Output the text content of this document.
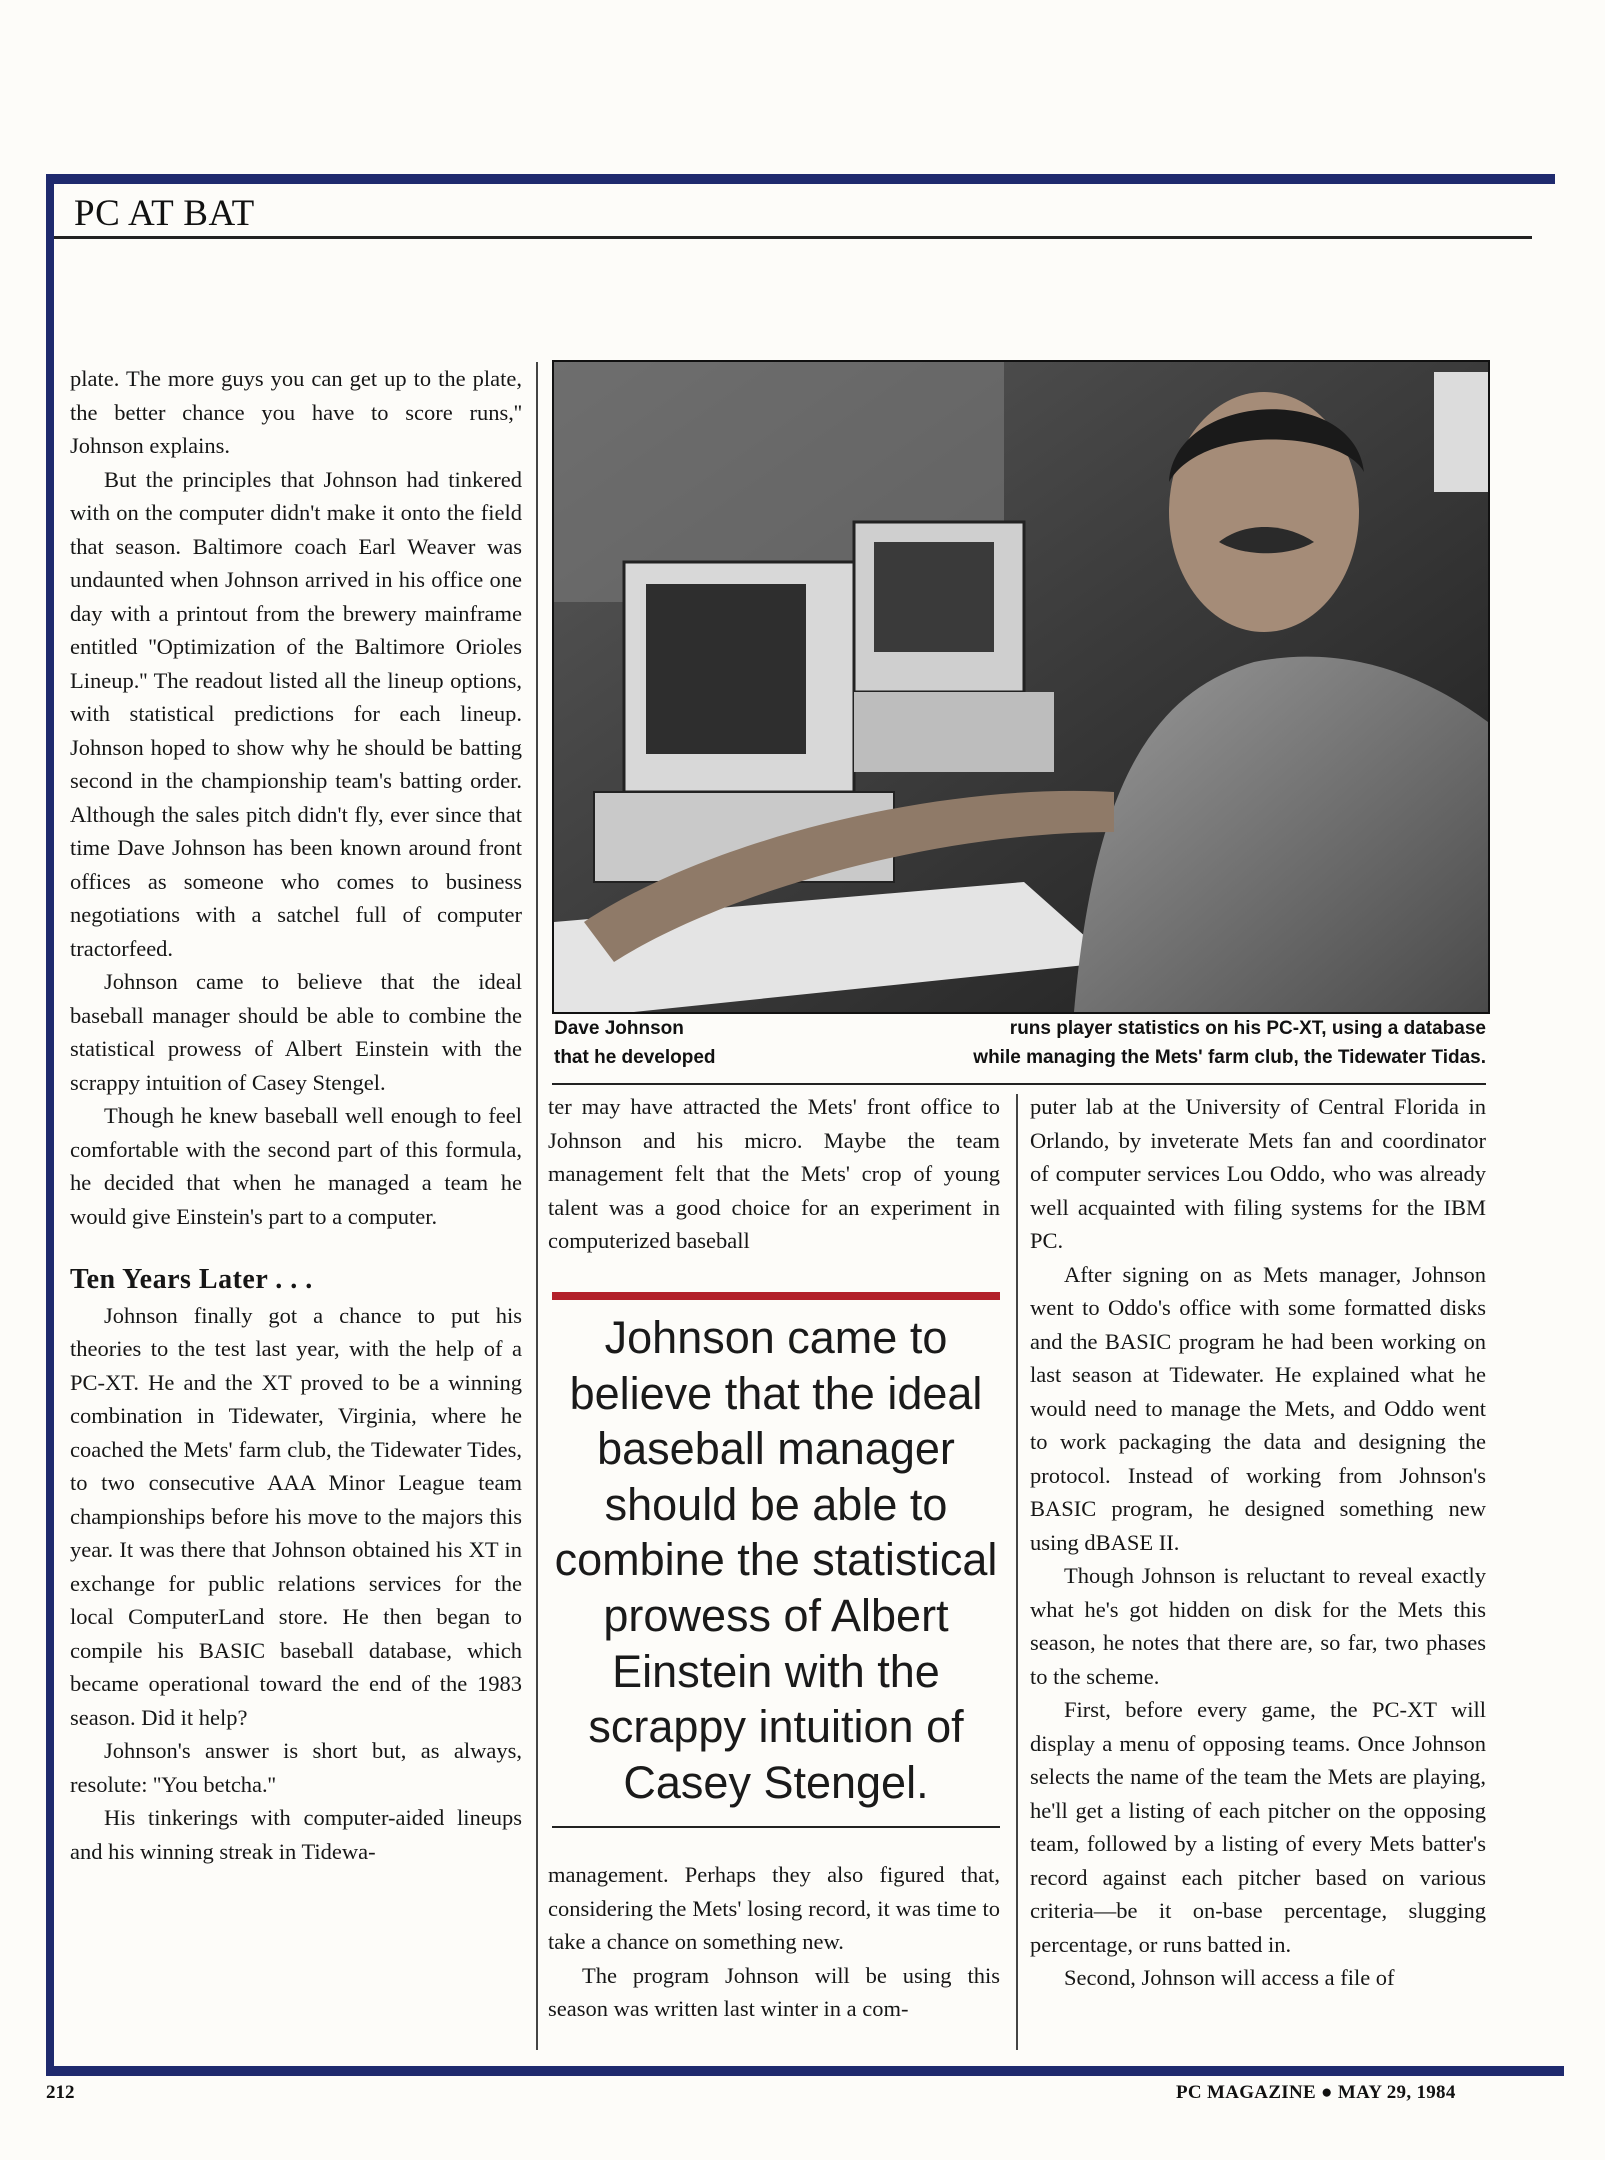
PC AT BAT

plate. The more guys you can get up to the plate, the better chance you have to score runs,'' Johnson explains.

But the principles that Johnson had tinkered with on the computer didn't make it onto the field that season. Baltimore coach Earl Weaver was undaunted when Johnson arrived in his office one day with a printout from the brewery mainframe entitled ''Optimization of the Baltimore Orioles Lineup.'' The readout listed all the lineup options, with statistical predictions for each lineup. Johnson hoped to show why he should be batting second in the championship team's batting order. Although the sales pitch didn't fly, ever since that time Dave Johnson has been known around front offices as someone who comes to business negotiations with a satchel full of computer tractorfeed.

Johnson came to believe that the ideal baseball manager should be able to combine the statistical prowess of Albert Einstein with the scrappy intuition of Casey Stengel.

Though he knew baseball well enough to feel comfortable with the second part of this formula, he decided that when he managed a team he would give Einstein's part to a computer.

Ten Years Later . . .

Johnson finally got a chance to put his theories to the test last year, with the help of a PC-XT. He and the XT proved to be a winning combination in Tidewater, Virginia, where he coached the Mets' farm club, the Tidewater Tides, to two consecutive AAA Minor League team championships before his move to the majors this year. It was there that Johnson obtained his XT in exchange for public relations services for the local ComputerLand store. He then began to compile his BASIC baseball database, which became operational toward the end of the 1983 season. Did it help?

Johnson's answer is short but, as always, resolute: ''You betcha.''

His tinkerings with computer-aided lineups and his winning streak in Tidewa-

Dave Johnson
that he developed
runs player statistics on his PC-XT, using a database
while managing the Mets' farm club, the Tidewater Tidas.

ter may have attracted the Mets' front office to Johnson and his micro. Maybe the team management felt that the Mets' crop of young talent was a good choice for an experiment in computerized baseball

Johnson came to believe that the ideal baseball manager should be able to combine the statistical prowess of Albert Einstein with the scrappy intuition of Casey Stengel.

management. Perhaps they also figured that, considering the Mets' losing record, it was time to take a chance on something new.

The program Johnson will be using this season was written last winter in a com-

puter lab at the University of Central Florida in Orlando, by inveterate Mets fan and coordinator of computer services Lou Oddo, who was already well acquainted with filing systems for the IBM PC.

After signing on as Mets manager, Johnson went to Oddo's office with some formatted disks and the BASIC program he had been working on last season at Tidewater. He explained what he would need to manage the Mets, and Oddo went to work packaging the data and designing the protocol. Instead of working from Johnson's BASIC program, he designed something new using dBASE II.

Though Johnson is reluctant to reveal exactly what he's got hidden on disk for the Mets this season, he notes that there are, so far, two phases to the scheme.

First, before every game, the PC-XT will display a menu of opposing teams. Once Johnson selects the name of the team the Mets are playing, he'll get a listing of each pitcher on the opposing team, followed by a listing of every Mets batter's record against each pitcher based on various criteria—be it on-base percentage, slugging percentage, or runs batted in.

Second, Johnson will access a file of

212	PC MAGAZINE ● MAY 29, 1984
